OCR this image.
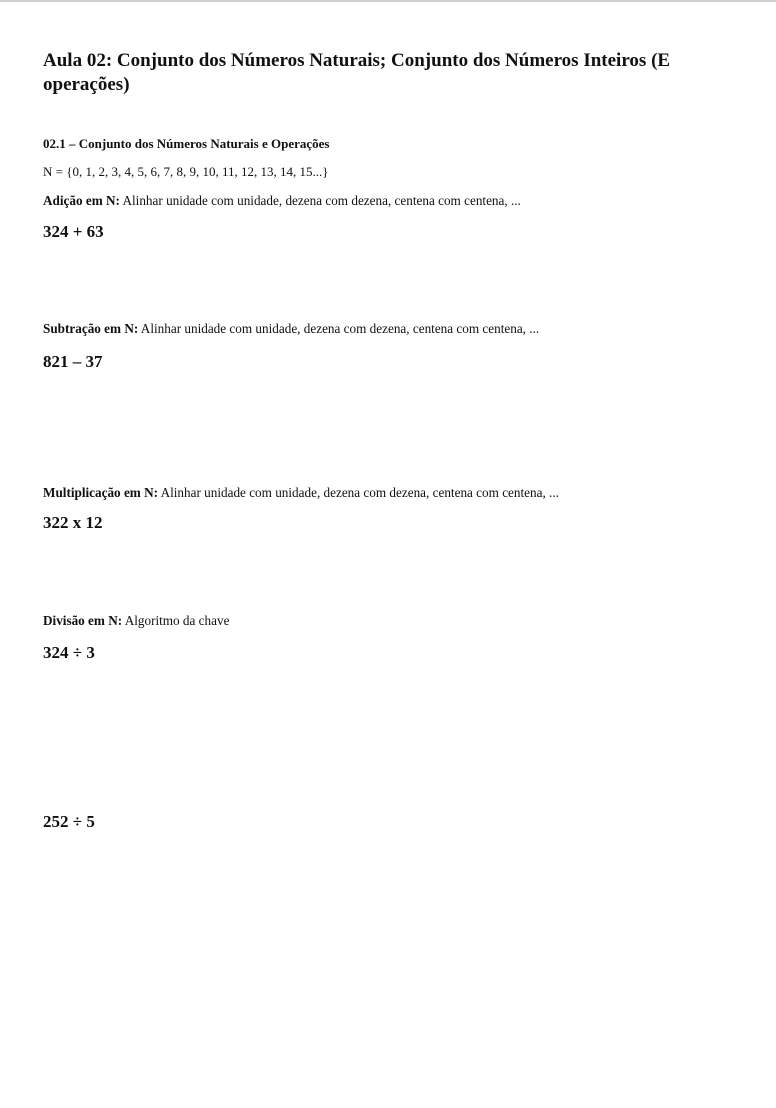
Aula 02: Conjunto dos Números Naturais; Conjunto dos Números Inteiros (E operações)
02.1 – Conjunto dos Números Naturais e Operações
N = {0, 1, 2, 3, 4, 5, 6, 7, 8, 9, 10, 11, 12, 13, 14, 15...}
Adição em N: Alinhar unidade com unidade, dezena com dezena, centena com centena, ...
324 + 63
Subtração em N: Alinhar unidade com unidade, dezena com dezena, centena com centena, ...
821 – 37
Multiplicação em N: Alinhar unidade com unidade, dezena com dezena, centena com centena, ...
322 x 12
Divisão em N: Algoritmo da chave
324 ÷ 3
252 ÷ 5
